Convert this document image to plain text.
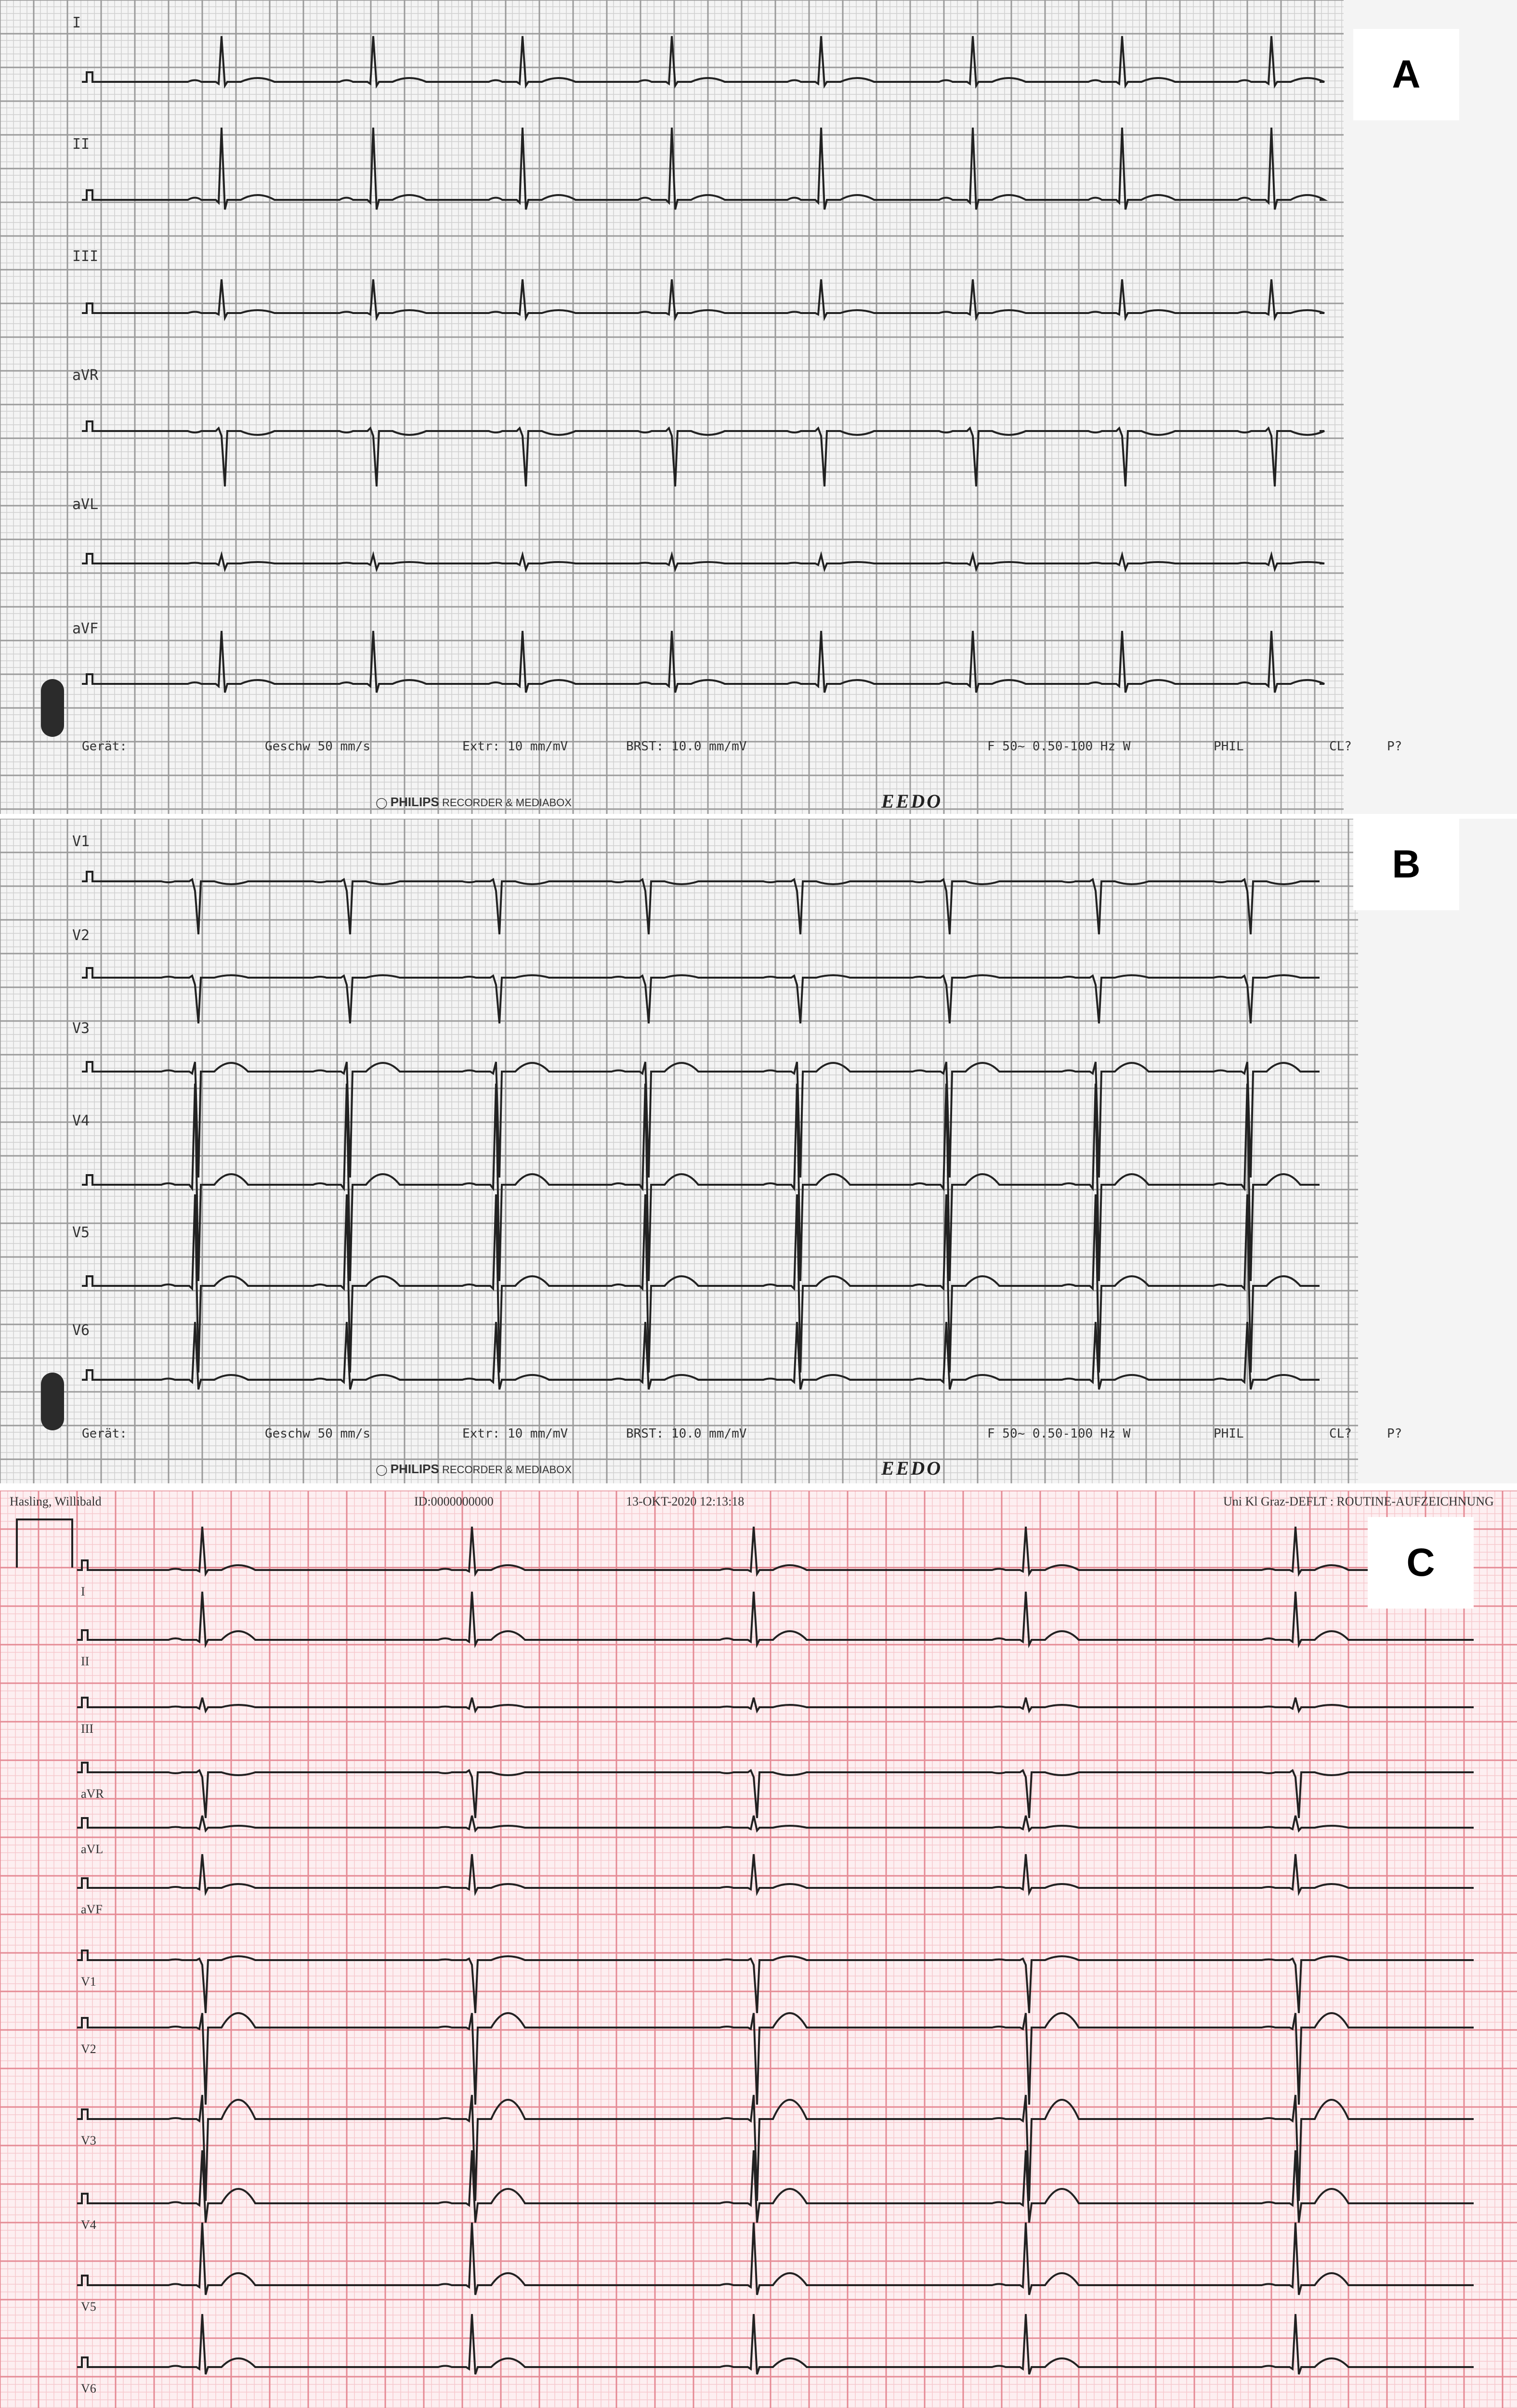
A
I
II
III
aVR
aVL
aVF
Gerät:	Geschw 50 mm/s	Extr: 10 mm/mV	BRST: 10.0 mm/mV	F 50~ 0.50-100 Hz W	PHIL	CL?	P?
◯ PHILIPS RECORDER & MEDIABOX	EEDO
B
V1
V2
V3
V4
V5
V6
Gerät:	Geschw 50 mm/s	Extr: 10 mm/mV	BRST: 10.0 mm/mV	F 50~ 0.50-100 Hz W	PHIL	CL?	P?
◯ PHILIPS RECORDER & MEDIABOX	EEDO
Hasling, Willibald	ID:0000000000	13-OKT-2020 12:13:18	Uni Kl Graz-DEFLT : ROUTINE-AUFZEICHNUNG
C
I
II
III
aVR
aVL
aVF
V1
V2
V3
V4
V5
V6
